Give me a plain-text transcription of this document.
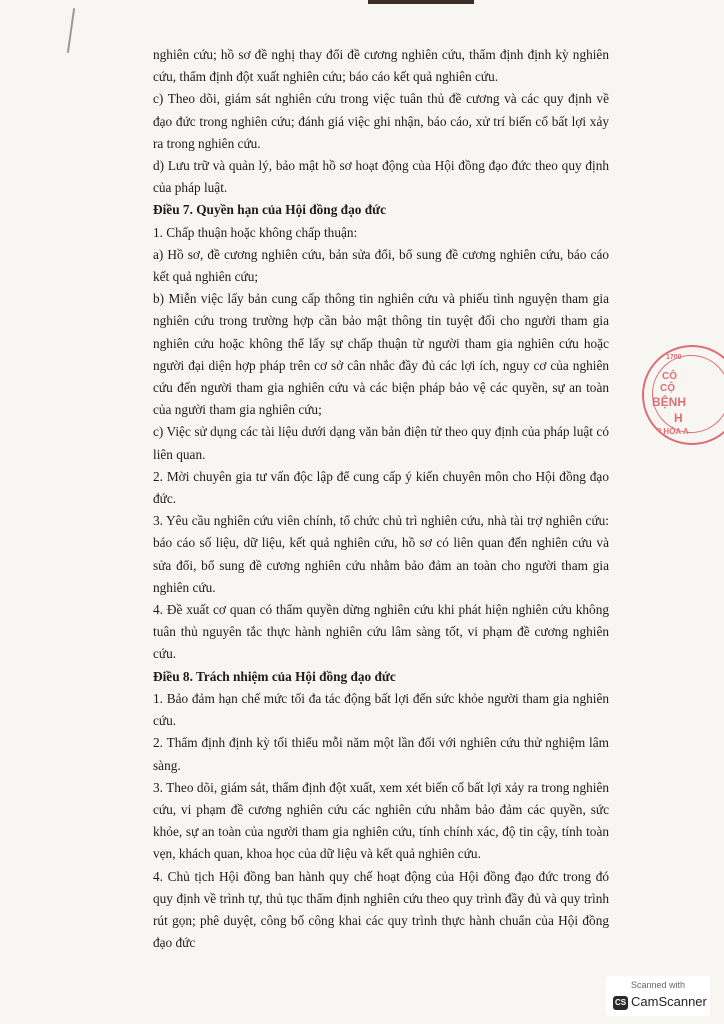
nghiên cứu; hồ sơ đề nghị thay đổi đề cương nghiên cứu, thẩm định định kỳ nghiên cứu, thẩm định đột xuất nghiên cứu; báo cáo kết quả nghiên cứu.

c) Theo dõi, giám sát nghiên cứu trong việc tuân thủ đề cương và các quy định về đạo đức trong nghiên cứu; đánh giá việc ghi nhận, báo cáo, xử trí biến cố bất lợi xảy ra trong nghiên cứu.

d) Lưu trữ và quản lý, bảo mật hồ sơ hoạt động của Hội đồng đạo đức theo quy định của pháp luật.

Điều 7. Quyền hạn của Hội đồng đạo đức

1. Chấp thuận hoặc không chấp thuận:

a) Hồ sơ, đề cương nghiên cứu, bản sửa đổi, bổ sung đề cương nghiên cứu, báo cáo kết quả nghiên cứu;

b) Miễn việc lấy bản cung cấp thông tin nghiên cứu và phiếu tình nguyện tham gia nghiên cứu trong trường hợp cần bảo mật thông tin tuyệt đối cho người tham gia nghiên cứu hoặc không thể lấy sự chấp thuận từ người tham gia nghiên cứu hoặc người đại diện hợp pháp trên cơ sở cân nhắc đầy đủ các lợi ích, nguy cơ của nghiên cứu đến người tham gia nghiên cứu và các biện pháp bảo vệ các quyền, sự an toàn của người tham gia nghiên cứu;

c) Việc sử dụng các tài liệu dưới dạng văn bản điện tử theo quy định của pháp luật có liên quan.

2. Mời chuyên gia tư vấn độc lập để cung cấp ý kiến chuyên môn cho Hội đồng đạo đức.

3. Yêu cầu nghiên cứu viên chính, tổ chức chủ trì nghiên cứu, nhà tài trợ nghiên cứu: báo cáo số liệu, dữ liệu, kết quả nghiên cứu, hồ sơ có liên quan đến nghiên cứu và sửa đổi, bổ sung đề cương nghiên cứu nhằm bảo đảm an toàn cho người tham gia nghiên cứu.

4. Đề xuất cơ quan có thẩm quyền dừng nghiên cứu khi phát hiện nghiên cứu không tuân thủ nguyên tắc thực hành nghiên cứu lâm sàng tốt, vi phạm đề cương nghiên cứu.

Điều 8. Trách nhiệm của Hội đồng đạo đức

1. Bảo đảm hạn chế mức tối đa tác động bất lợi đến sức khỏe người tham gia nghiên cứu.

2. Thẩm định định kỳ tối thiểu mỗi năm một lần đối với nghiên cứu thử nghiệm lâm sàng.

3. Theo dõi, giám sát, thẩm định đột xuất, xem xét biến cố bất lợi xảy ra trong nghiên cứu, vi phạm đề cương nghiên cứu các nghiên cứu nhằm bảo đảm các quyền, sức khỏe, sự an toàn của người tham gia nghiên cứu, tính chính xác, độ tin cậy, tính toàn vẹn, khách quan, khoa học của dữ liệu và kết quả nghiên cứu.

4. Chủ tịch Hội đồng ban hành quy chế hoạt động của Hội đồng đạo đức trong đó quy định về trình tự, thủ tục thẩm định nghiên cứu theo quy trình đầy đủ và quy trình rút gọn; phê duyệt, công bố công khai các quy trình thực hành chuẩn của Hội đồng đạo đức

1700
CÔ
CỘ
BỆNH
H
P HÒA A
Scanned with
CS CamScanner
